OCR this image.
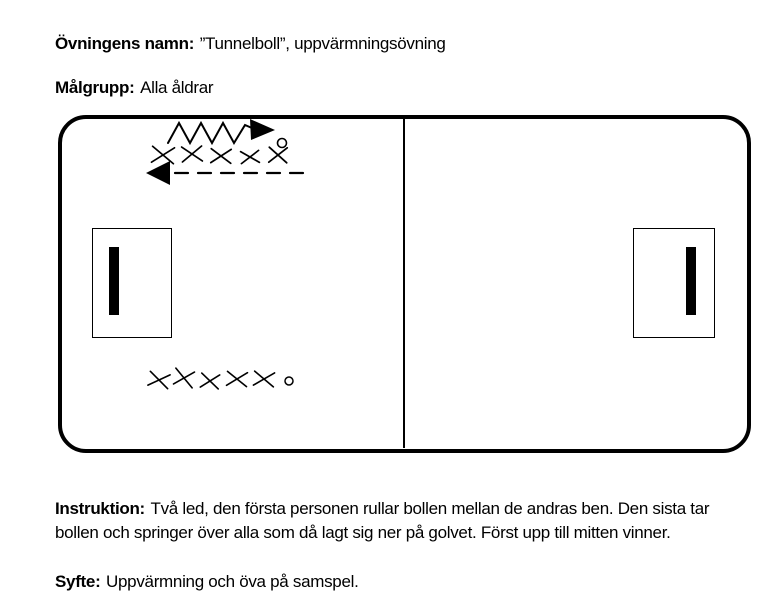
Övningens namn: ”Tunnelboll”, uppvärmningsövning

Målgrupp: Alla åldrar

Instruktion: Två led, den första personen rullar bollen mellan de andras ben. Den sista tar bollen och springer över alla som då lagt sig ner på golvet. Först upp till mitten vinner.

Syfte: Uppvärmning och öva på samspel.
